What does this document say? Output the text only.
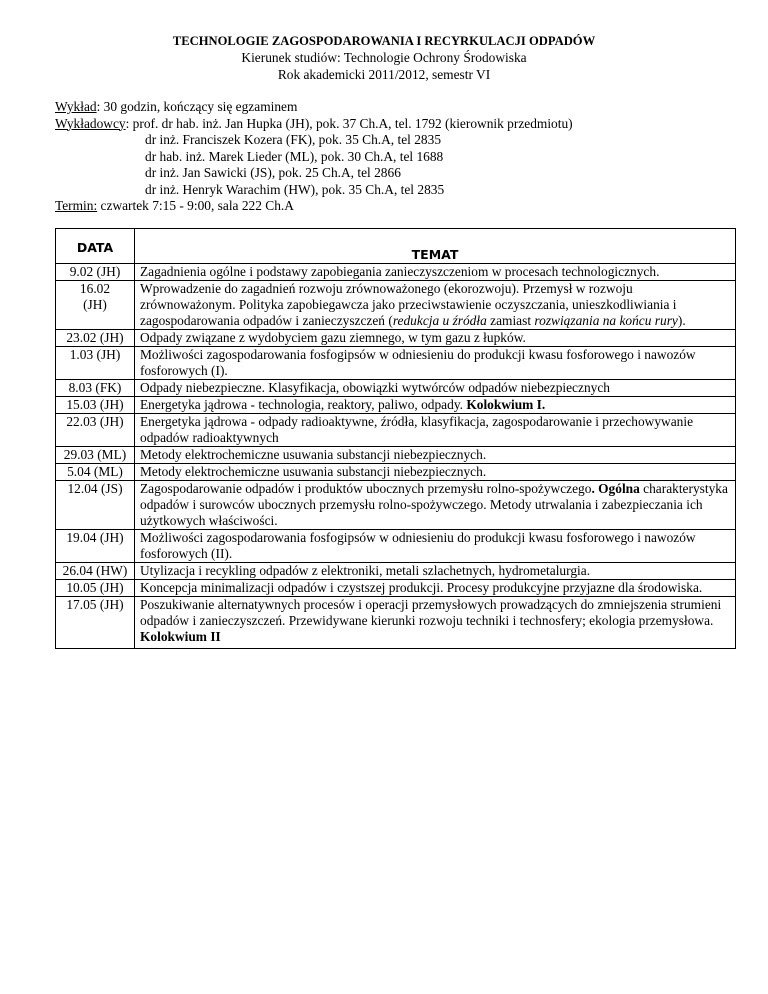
TECHNOLOGIE ZAGOSPODAROWANIA I RECYRKULACJI ODPADÓW
Kierunek studiów: Technologie Ochrony Środowiska
Rok akademicki 2011/2012, semestr VI
Wykład: 30 godzin, kończący się egzaminem
Wykładowcy: prof. dr hab. inż. Jan Hupka (JH), pok. 37 Ch.A, tel. 1792 (kierownik przedmiotu)
dr inż. Franciszek Kozera (FK), pok. 35 Ch.A, tel 2835
dr hab. inż. Marek Lieder (ML), pok. 30 Ch.A, tel 1688
dr inż. Jan Sawicki (JS), pok. 25 Ch.A, tel 2866
dr inż. Henryk Warachim (HW), pok. 35 Ch.A, tel 2835
Termin: czwartek 7:15 - 9:00, sala 222 Ch.A
DATA	TEMAT
9.02 (JH)	Zagadnienia ogólne i podstawy zapobiegania zanieczyszczeniom w procesach technologicznych.
16.02 (JH)	Wprowadzenie do zagadnień rozwoju zrównoważonego (ekorozwoju). Przemysł w rozwoju zrównoważonym. Polityka zapobiegawcza jako przeciwstawienie oczyszczania, unieszkodliwiania i zagospodarowania odpadów i zanieczyszczeń (redukcja u źródła zamiast rozwiązania na końcu rury).
23.02 (JH)	Odpady związane z wydobyciem gazu ziemnego, w tym gazu z łupków.
1.03 (JH)	Możliwości zagospodarowania fosfogipsów w odniesieniu do produkcji kwasu fosforowego i nawozów fosforowych (I).
8.03 (FK)	Odpady niebezpieczne. Klasyfikacja, obowiązki wytwórców odpadów niebezpiecznych
15.03 (JH)	Energetyka jądrowa - technologia, reaktory, paliwo, odpady. Kolokwium I.
22.03 (JH)	Energetyka jądrowa - odpady radioaktywne, źródła, klasyfikacja, zagospodarowanie i przechowywanie odpadów radioaktywnych
29.03 (ML)	Metody elektrochemiczne usuwania substancji niebezpiecznych.
5.04 (ML)	Metody elektrochemiczne usuwania substancji niebezpiecznych.
12.04 (JS)	Zagospodarowanie odpadów i produktów ubocznych przemysłu rolno-spożywczego. Ogólna charakterystyka odpadów i surowców ubocznych przemysłu rolno-spożywczego. Metody utrwalania i zabezpieczania ich użytkowych właściwości.
19.04 (JH)	Możliwości zagospodarowania fosfogipsów w odniesieniu do produkcji kwasu fosforowego i nawozów fosforowych (II).
26.04 (HW)	Utylizacja i recykling odpadów z elektroniki, metali szlachetnych, hydrometalurgia.
10.05 (JH)	Koncepcja minimalizacji odpadów i czystszej produkcji. Procesy produkcyjne przyjazne dla środowiska.
17.05 (JH)	Poszukiwanie alternatywnych procesów i operacji przemysłowych prowadzących do zmniejszenia strumieni odpadów i zanieczyszczeń. Przewidywane kierunki rozwoju techniki i technosfery; ekologia przemysłowa. Kolokwium II
